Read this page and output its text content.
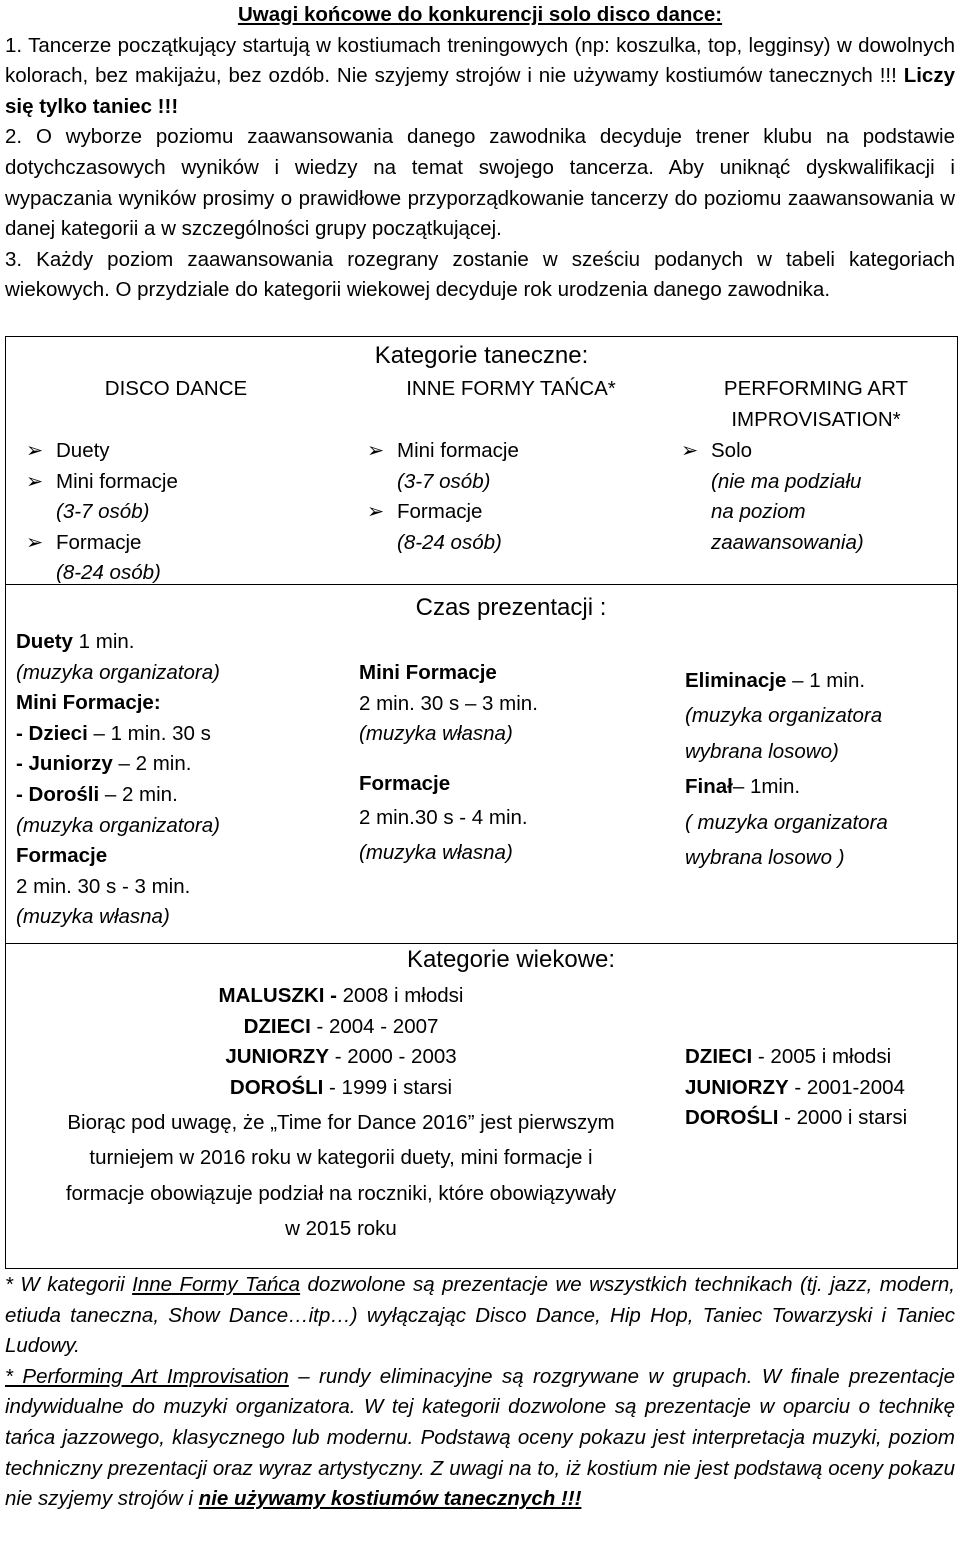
Uwagi końcowe do konkurencji solo disco dance:

1. Tancerze początkujący startują w kostiumach treningowych (np: koszulka, top, legginsy) w dowolnych kolorach, bez makijażu, bez ozdób. Nie szyjemy strojów i nie używamy kostiumów tanecznych !!! Liczy się tylko taniec !!!

2. O wyborze poziomu zaawansowania danego zawodnika decyduje trener klubu na podstawie dotychczasowych wyników i wiedzy na temat swojego tancerza. Aby uniknąć dyskwalifikacji i wypaczania wyników prosimy o prawidłowe przyporządkowanie tancerzy do poziomu zaawansowania w danej kategorii a w szczególności grupy początkującej.

3. Każdy poziom zaawansowania rozegrany zostanie w sześciu podanych w tabeli kategoriach wiekowych. O przydziale do kategorii wiekowej decyduje rok urodzenia danego zawodnika.

Kategorie taneczne:
DISCO DANCE	INNE FORMY TAŃCA*	PERFORMING ART
IMPROVISATION*
➢ Duety
➢ Mini formacje
(3-7 osób)
➢ Formacje
(8-24 osób)
➢ Mini formacje
(3-7 osób)
➢ Formacje
(8-24 osób)
➢ Solo
(nie ma podziału
na poziom
zaawansowania)
Czas prezentacji :
Duety 1 min.
(muzyka organizatora)
Mini Formacje:
- Dzieci – 1 min. 30 s
- Juniorzy – 2 min.
- Dorośli – 2 min.
(muzyka organizatora)
Formacje
2 min. 30 s - 3 min.
(muzyka własna)
Mini Formacje
2 min. 30 s – 3 min.
(muzyka własna)
Formacje
2 min.30 s - 4 min.
(muzyka własna)
Eliminacje – 1 min.
(muzyka organizatora
wybrana losowo)
Finał– 1min.
( muzyka organizatora
wybrana losowo )
Kategorie wiekowe:
MALUSZKI - 2008 i młodsi
DZIECI - 2004 - 2007
JUNIORZY - 2000 - 2003
DOROŚLI - 1999 i starsi
Biorąc pod uwagę, że „Time for Dance 2016” jest pierwszym
turniejem w 2016 roku w kategorii duety, mini formacje i
formacje obowiązuje podział na roczniki, które obowiązywały
w 2015 roku
DZIECI - 2005 i młodsi
JUNIORZY - 2001-2004
DOROŚLI - 2000 i starsi

* W kategorii Inne Formy Tańca dozwolone są prezentacje we wszystkich technikach (tj. jazz, modern, etiuda taneczna, Show Dance…itp…) wyłączając Disco Dance, Hip Hop, Taniec Towarzyski i Taniec Ludowy.

* Performing Art Improvisation – rundy eliminacyjne są rozgrywane w grupach. W finale prezentacje indywidualne do muzyki organizatora. W tej kategorii dozwolone są prezentacje w oparciu o technikę tańca jazzowego, klasycznego lub modernu. Podstawą oceny pokazu jest interpretacja muzyki, poziom techniczny prezentacji oraz wyraz artystyczny. Z uwagi na to, iż kostium nie jest podstawą oceny pokazu nie szyjemy strojów i nie używamy kostiumów tanecznych !!!
